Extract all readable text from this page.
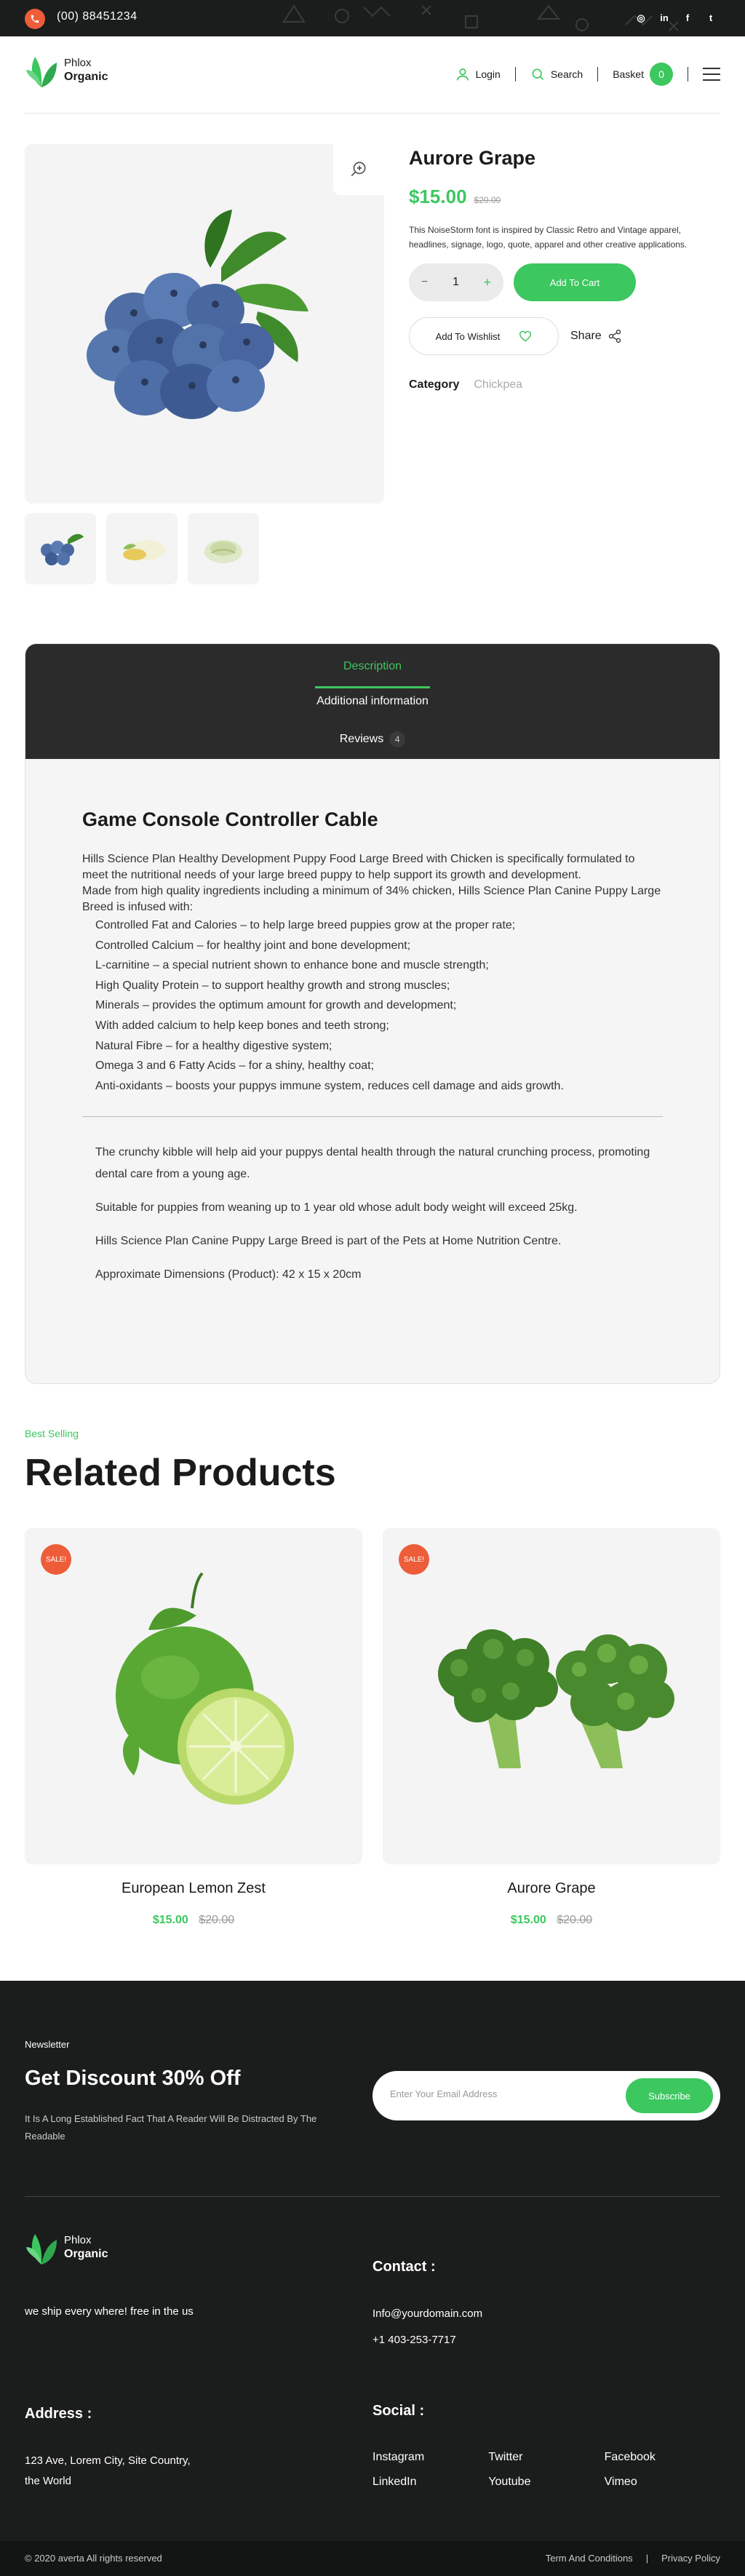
(00) 88451234	◎ in	f	t
Phlox
Organic	Login	Search	Basket	0
Aurore Grape
$15.00 $20.00
This NoiseStorm font is inspired by Classic Retro and Vintage apparel, headlines, signage, logo, quote, apparel and other creative applications.
− 1 +	Add To Cart
Add To Wishlist	Share
Category Chickpea
Description
Additional information
Reviews 4
Game Console Controller Cable
Hills Science Plan Healthy Development Puppy Food Large Breed with Chicken is specifically formulated to meet the nutritional needs of your large breed puppy to help support its growth and development.
Made from high quality ingredients including a minimum of 34% chicken, Hills Science Plan Canine Puppy Large Breed is infused with:
Controlled Fat and Calories – to help large breed puppies grow at the proper rate;
Controlled Calcium – for healthy joint and bone development;
L-carnitine – a special nutrient shown to enhance bone and muscle strength;
High Quality Protein – to support healthy growth and strong muscles;
Minerals – provides the optimum amount for growth and development;
With added calcium to help keep bones and teeth strong;
Natural Fibre – for a healthy digestive system;
Omega 3 and 6 Fatty Acids – for a shiny, healthy coat;
Anti-oxidants – boosts your puppys immune system, reduces cell damage and aids growth.

The crunchy kibble will help aid your puppys dental health through the natural crunching process, promoting dental care from a young age.

Suitable for puppies from weaning up to 1 year old whose adult body weight will exceed 25kg.

Hills Science Plan Canine Puppy Large Breed is part of the Pets at Home Nutrition Centre.

Approximate Dimensions (Product): 42 x 15 x 20cm

Best Selling
Related Products
SALE!
European Lemon Zest
$15.00 $20.00
SALE!
Aurore Grape
$15.00 $20.00
Newsletter
Get Discount 30% Off
It Is A Long Established Fact That A Reader Will Be Distracted By The Readable
Enter Your Email Address	Subscribe
Phlox
Organic
we ship every where! free in the us
Contact :
Info@yourdomain.com
+1 403-253-7717
Address :
123 Ave, Lorem City, Site Country,
the World
Social :
Instagram	Twitter	Facebook
LinkedIn	Youtube	Vimeo
© 2020 averta All rights reserved	Term And Conditions | Privacy Policy
